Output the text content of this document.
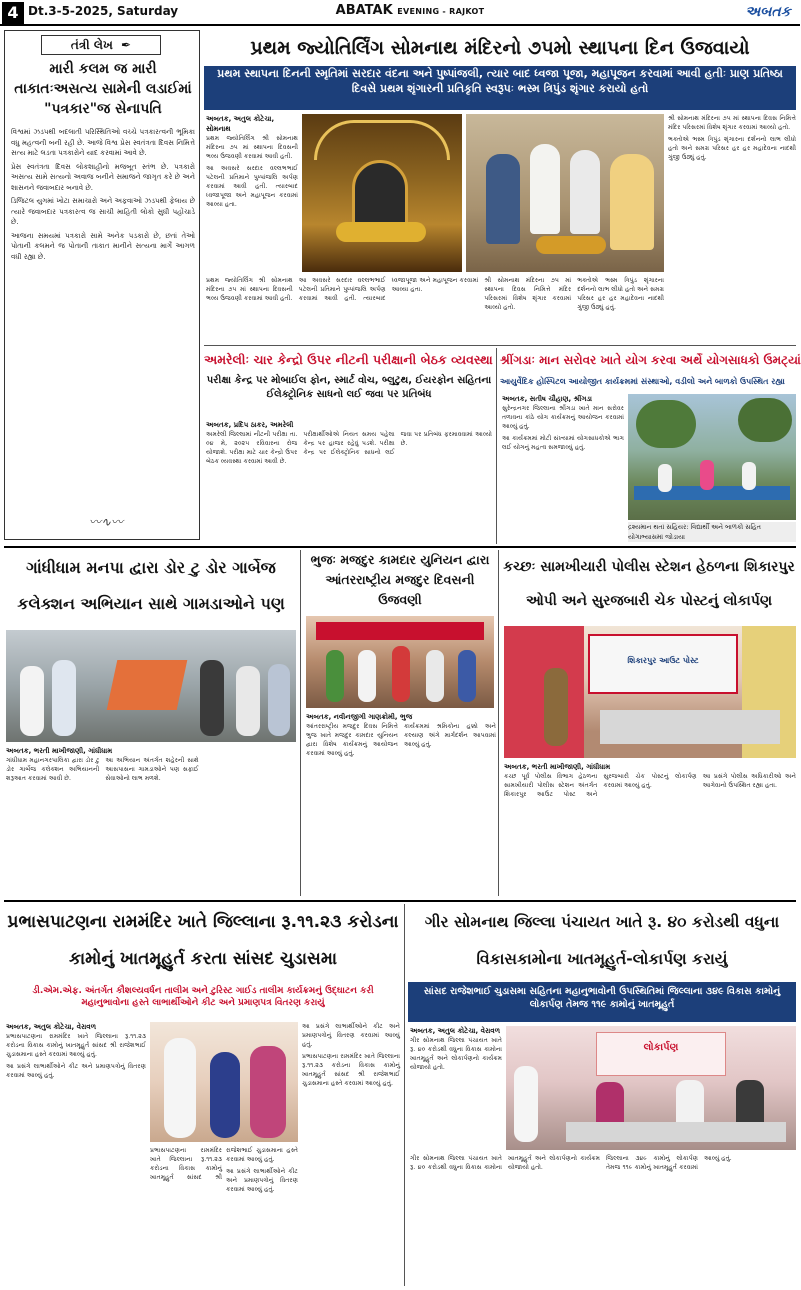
4 Dt.3-5-2025, Saturday	ABATAK EVENING - RAJKOT	અબતક
તંત્રી લેખ ✒
મારી કલમ જ મારી તાકાતઃઅસત્ય સામેની લડાઈમાં "પત્રકાર"જ સેનાપતિ

વિશ્વમાં ઝડપથી બદલાતી પરિસ્થિતિઓ વચ્ચે પત્રકારત્વની ભૂમિકા વધુ મહત્વની બની રહી છે. આજે વિશ્વ પ્રેસ સ્વતંત્રતા દિવસ નિમિત્તે સત્ય માટે લડતા પત્રકારોને યાદ કરવામાં આવે છે.

પ્રેસ સ્વતંત્રતા દિવસ લોકશાહીનો મજબૂત સ્તંભ છે. પત્રકારો અસત્ય સામે સત્યનો અવાજ બનીને સમાજને જાગૃત કરે છે અને શાસનને જવાબદાર બનાવે છે.

ડિજિટલ યુગમાં ખોટા સમાચારો અને અફવાઓ ઝડપથી ફેલાય છે ત્યારે જવાબદાર પત્રકારત્વ જ સાચી માહિતી લોકો સુધી પહોંચાડે છે.

આજના સમયમાં પત્રકારો સામે અનેક પડકારો છે, છતાં તેઓ પોતાની કલમને જ પોતાની તાકાત માનીને સત્યના માર્ગે આગળ વધી રહ્યા છે.

〰∿〰
પ્રથમ જ્યોતિર્લિંગ સોમનાથ મંદિરનો ૭૫મો સ્થાપના દિન ઉજવાયો
પ્રથમ સ્થાપના દિનની સ્મૃતિમાં સરદાર વંદના અને પુષ્પાંજલી, ત્યાર બાદ ધ્વજા પૂજા, મહાપૂજન કરવામાં આવી હતીઃ પ્રાણ પ્રતિષ્ઠા દિવસે પ્રથમ શૃંગારની પ્રતિકૃતિ સ્વરૂપઃ ભસ્મ ત્રિપુંડ શૃંગાર કરાયો હતો
અબતક, અતુલ કોટેચા, સોમનાથ

પ્રથમ જ્યોતિર્લિંગ શ્રી સોમનાથ મંદિરના ૭૫ માં સ્થાપના દિવસની ભવ્ય ઉજવણી કરવામાં આવી હતી.

આ અવસરે સરદાર વલ્લભભાઈ પટેલની પ્રતિમાને પુષ્પાંજલિ અર્પણ કરવામાં આવી હતી. ત્યારબાદ ધ્વજાપૂજા અને મહાપૂજન કરવામાં આવ્યા હતા.

શ્રી સોમનાથ મંદિરના ૭૫ માં સ્થાપના દિવસ નિમિત્તે મંદિર પરિસરમાં વિશેષ શૃંગાર કરવામાં આવ્યો હતો.

ભક્તોએ ભસ્મ ત્રિપુંડ શૃંગારના દર્શનનો લાભ લીધો હતો અને સમગ્ર પરિસર હર હર મહાદેવના નાદથી ગુંજી ઉઠ્યું હતું.

પ્રથમ જ્યોતિર્લિંગ શ્રી સોમનાથ મંદિરના ૭૫ માં સ્થાપના દિવસની ભવ્ય ઉજવણી કરવામાં આવી હતી.

આ અવસરે સરદાર વલ્લભભાઈ પટેલની પ્રતિમાને પુષ્પાંજલિ અર્પણ કરવામાં આવી હતી. ત્યારબાદ ધ્વજાપૂજા અને મહાપૂજન કરવામાં આવ્યા હતા.

શ્રી સોમનાથ મંદિરના ૭૫ માં સ્થાપના દિવસ નિમિત્તે મંદિર પરિસરમાં વિશેષ શૃંગાર કરવામાં આવ્યો હતો.

ભક્તોએ ભસ્મ ત્રિપુંડ શૃંગારના દર્શનનો લાભ લીધો હતો અને સમગ્ર પરિસર હર હર મહાદેવના નાદથી ગુંજી ઉઠ્યું હતું.

અમરેલીઃ ચાર કેન્દ્રો ઉપર નીટની પરીક્ષાની બેઠક વ્યવસ્થા
પરીક્ષા કેન્દ્ર પર મોબાઈલ ફોન, સ્માર્ટ વોચ, બ્લુટુથ, ઈયરફોન સહિતના ઈલેક્ટ્રોનિક સાધનો લઈ જવા પર પ્રતિબંધ
અબતક, પ્રદિપ ઠાકર, અમરેલી

અમરેલી જિલ્લામાં નીટની પરીક્ષા તા. ૦૪ મે, ૨૦૨૫ રવિવારના રોજ યોજાશે. પરીક્ષા માટે ચાર કેન્દ્રો ઉપર બેઠક વ્યવસ્થા કરવામાં આવી છે.

પરીક્ષાર્થીઓએ નિયત સમય પહેલા કેન્દ્ર પર હાજર રહેવું પડશે. પરીક્ષા કેન્દ્ર પર ઈલેક્ટ્રોનિક સાધનો લઈ જવા પર પ્રતિબંધ ફરમાવવામાં આવ્યો છે.

શ્રીંગડાઃ માન સરોવર ખાતે યોગ કરવા અર્થે યોગસાધકો ઉમટ્યાં
આયુર્વેદિક હોસ્પિટલ આયોજીત કાર્યક્રમમાં સંસ્થાઓ, વડીલો અને બાળકો ઉપસ્થિત રહ્યા
અબતક, સતીષ ચૌહાણ, શ્રીંગડા

સુરેન્દ્રનગર જિલ્લાના શ્રીંગડા ખાતે માન સરોવર તળાવના કાંઠે યોગ કાર્યક્રમનું આયોજન કરવામાં આવ્યું હતું.

આ કાર્યક્રમમાં મોટી સંખ્યામાં યોગસાધકોએ ભાગ લઈ યોગનું મહત્વ સમજાવ્યું હતું.

દ્રશ્યમાન થતાં સહિયર: વિદ્યાર્થી અને બાળકો સહિત યોગાભ્યાસમાં જોડાયા
ગાંધીધામ મનપા દ્વારા ડોર ટુ ડોર ગાર્બેજ કલેક્શન અભિયાન સાથે ગામડાઓને પણ
અબતક, ભરતી માખીજાણી, ગાંધીધામ

ગાંધીધામ મહાનગરપાલિકા દ્વારા ડોર ટુ ડોર ગાર્બેજ કલેક્શન અભિયાનની શરૂઆત કરવામાં આવી છે.

આ અભિયાન અંતર્ગત શહેરની સાથે આસપાસના ગામડાઓને પણ સફાઈ સેવાઓનો લાભ મળશે.

ભુજઃ મજદુર કામદાર યુનિયન દ્વારા આંતરરાષ્ટ્રીય મજદુર દિવસની ઉજવણી
અબતક, નવીનજીગી ગાણક્રોમી, ભુજ

આંતરરાષ્ટ્રીય મજદુર દિવસ નિમિત્તે ભુજ ખાતે મજદુર કામદાર યુનિયન દ્વારા વિશેષ કાર્યક્રમનું આયોજન કરવામાં આવ્યું હતું.

કાર્યક્રમમાં શ્રમિકોના હક્કો અને કલ્યાણ અંગે માર્ગદર્શન આપવામાં આવ્યું હતું.

કચ્છઃ સામખીયારી પોલીસ સ્ટેશન હેઠળના શિકારપુર ઓપી અને સુરજબારી ચેક પોસ્ટનું લોકાર્પણ
શિકારપુર આઉટ પોસ્ટ
અબતક, ભરતી માખીજાણી, ગાંધીધામ

કચ્છ પૂર્વ પોલીસ વિભાગ હેઠળના સામખીયારી પોલીસ સ્ટેશન અંતર્ગત શિકારપુર આઉટ પોસ્ટ અને સુરજબારી ચેક પોસ્ટનું લોકાર્પણ કરવામાં આવ્યું હતું.

આ પ્રસંગે પોલીસ અધિકારીઓ અને આગેવાનો ઉપસ્થિત રહ્યા હતા.

પ્રભાસપાટણના રામમંદિર ખાતે જિલ્લાના રૂ.૧૧.૨૩ કરોડના કામોનું ખાતમૂહુર્ત કરતા સાંસદ ચુડાસમા
ડી.એમ.એફ. અંતર્ગત કૌશલ્યવર્ધન તાલીમ અને ટુરિસ્ટ ગાઈડ તાલીમ કાર્યક્રમનું ઉદ્ઘાટન કરી મહાનુભાવોના હસ્તે લાભાર્થીઓને કીટ અને પ્રમાણપત્ર વિતરણ કરાયું
અબતક, અતુલ કોટેચા, વેરાવળ

પ્રભાસપાટણના રામમંદિર ખાતે જિલ્લાના રૂ.૧૧.૨૩ કરોડના વિકાસ કામોનું ખાતમૂહુર્ત સાંસદ શ્રી રાજેશભાઈ ચુડાસમાના હસ્તે કરવામાં આવ્યું હતું.

આ પ્રસંગે લાભાર્થીઓને કીટ અને પ્રમાણપત્રોનું વિતરણ કરવામાં આવ્યું હતું.

આ પ્રસંગે લાભાર્થીઓને કીટ અને પ્રમાણપત્રોનું વિતરણ કરવામાં આવ્યું હતું.

પ્રભાસપાટણના રામમંદિર ખાતે જિલ્લાના રૂ.૧૧.૨૩ કરોડના વિકાસ કામોનું ખાતમૂહુર્ત સાંસદ શ્રી રાજેશભાઈ ચુડાસમાના હસ્તે કરવામાં આવ્યું હતું.

પ્રભાસપાટણના રામમંદિર ખાતે જિલ્લાના રૂ.૧૧.૨૩ કરોડના વિકાસ કામોનું ખાતમૂહુર્ત સાંસદ શ્રી રાજેશભાઈ ચુડાસમાના હસ્તે કરવામાં આવ્યું હતું.

આ પ્રસંગે લાભાર્થીઓને કીટ અને પ્રમાણપત્રોનું વિતરણ કરવામાં આવ્યું હતું.

ગીર સોમનાથ જિલ્લા પંચાયત ખાતે રૂ. ૪૦ કરોડથી વધુના વિકાસકામોના ખાતમૂહુર્ત-લોકાર્પણ કરાયું
સાંસદ રાજેશભાઈ ચુડાસમા સહિતના મહાનુભાવોની ઉપસ્થિતિમાં જિલ્લાના ૩૪૯ વિકાસ કામોનું લોકાર્પણ તેમજ ૧૧૯ કામોનું ખાતમૂહુર્ત
અબતક, અતુલ કોટેચા, વેરાવળ

ગીર સોમનાથ જિલ્લા પંચાયત ખાતે રૂ. ૪૦ કરોડથી વધુના વિકાસ કામોના ખાતમૂહુર્ત અને લોકાર્પણનો કાર્યક્રમ યોજાયો હતો.

લોકાર્પણ

ગીર સોમનાથ જિલ્લા પંચાયત ખાતે રૂ. ૪૦ કરોડથી વધુના વિકાસ કામોના ખાતમૂહુર્ત અને લોકાર્પણનો કાર્યક્રમ યોજાયો હતો.

જિલ્લાના ૩૪૯ કામોનું લોકાર્પણ તેમજ ૧૧૯ કામોનું ખાતમૂહુર્ત કરવામાં આવ્યું હતું.
